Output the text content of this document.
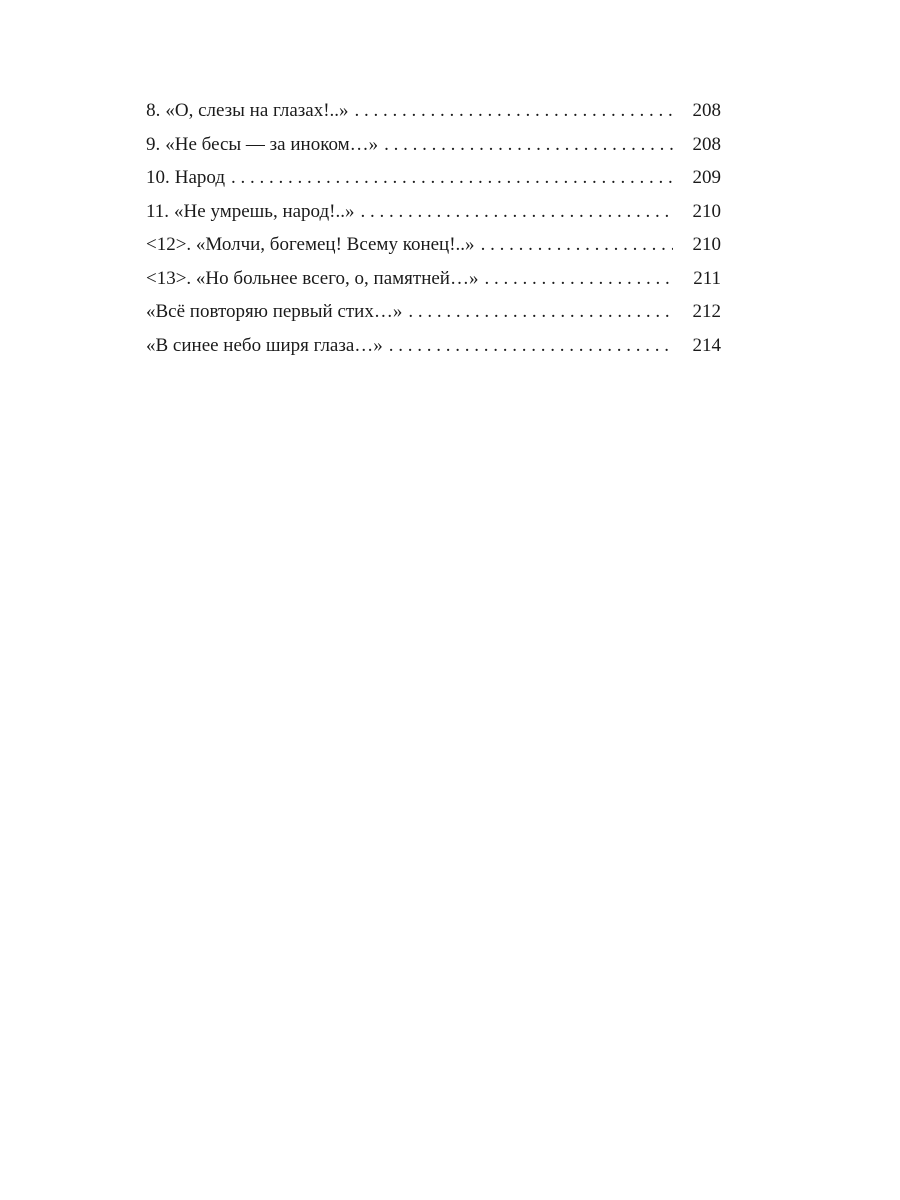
8. «О, слезы на глазах!..» . . .	208
9. «Не бесы — за иноком…» . . .	208
10. Народ . . .	209
11. «Не умрешь, народ!..» . . .	210
<12>. «Молчи, богемец! Всему конец!..» . . .	210
<13>. «Но больнее всего, о, памятней…» . . .	211
«Всё повторяю первый стих…» . . .	212
«В синее небо ширя глаза…» . . .	214
